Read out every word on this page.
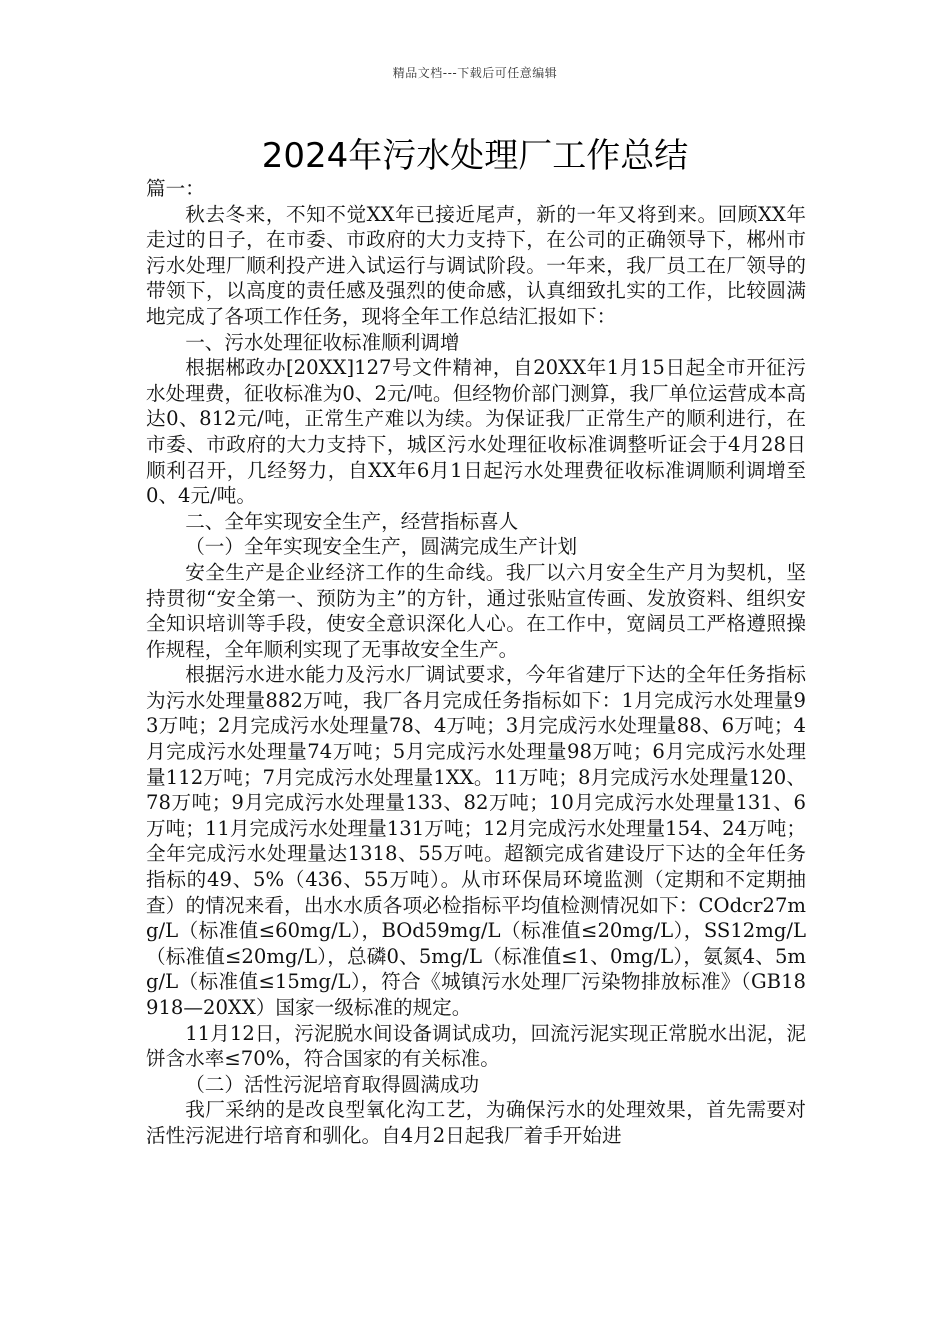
精品文档---下载后可任意编辑
2024年污水处理厂工作总结

篇一：

秋去冬来，不知不觉XX年已接近尾声，新的一年又将到来。回顾XX年走过的日子，在市委、市政府的大力支持下，在公司的正确领导下，郴州市污水处理厂顺利投产进入试运行与调试阶段。一年来，我厂员工在厂领导的带领下，以高度的责任感及强烈的使命感，认真细致扎实的工作，比较圆满地完成了各项工作任务，现将全年工作总结汇报如下：

一、污水处理征收标准顺利调增

根据郴政办[20XX]127号文件精神，自20XX年1月15日起全市开征污水处理费，征收标准为0、2元/吨。但经物价部门测算，我厂单位运营成本高达0、812元/吨，正常生产难以为续。为保证我厂正常生产的顺利进行，在市委、市政府的大力支持下，城区污水处理征收标准调整听证会于4月28日顺利召开，几经努力，自XX年6月1日起污水处理费征收标准调顺利调增至0、4元/吨。

二、全年实现安全生产，经营指标喜人

（一）全年实现安全生产，圆满完成生产计划

安全生产是企业经济工作的生命线。我厂以六月安全生产月为契机，坚持贯彻“安全第一、预防为主”的方针，通过张贴宣传画、发放资料、组织安全知识培训等手段，使安全意识深化人心。在工作中，宽阔员工严格遵照操作规程，全年顺利实现了无事故安全生产。

根据污水进水能力及污水厂调试要求，今年省建厅下达的全年任务指标为污水处理量882万吨，我厂各月完成任务指标如下：1月完成污水处理量93万吨；2月完成污水处理量78、4万吨；3月完成污水处理量88、6万吨；4月完成污水处理量74万吨；5月完成污水处理量98万吨；6月完成污水处理量112万吨；7月完成污水处理量1XX。11万吨；8月完成污水处理量120、78万吨；9月完成污水处理量133、82万吨；10月完成污水处理量131、6万吨；11月完成污水处理量131万吨；12月完成污水处理量154、24万吨；全年完成污水处理量达1318、55万吨。超额完成省建设厅下达的全年任务指标的49、5%（436、55万吨）。从市环保局环境监测（定期和不定期抽查）的情况来看，出水水质各项必检指标平均值检测情况如下：COdcr27mg/L（标准值≤60mg/L），BOd59mg/L（标准值≤20mg/L），SS12mg/L（标准值≤20mg/L），总磷0、5mg/L（标准值≤1、0mg/L），氨氮4、5mg/L（标准值≤15mg/L），符合《城镇污水处理厂污染物排放标准》（GB18918—20XX）国家一级标准的规定。

11月12日，污泥脱水间设备调试成功，回流污泥实现正常脱水出泥，泥饼含水率≤70%，符合国家的有关标准。

（二）活性污泥培育取得圆满成功

我厂采纳的是改良型氧化沟工艺，为确保污水的处理效果，首先需要对活性污泥进行培育和驯化。自4月2日起我厂着手开始进
